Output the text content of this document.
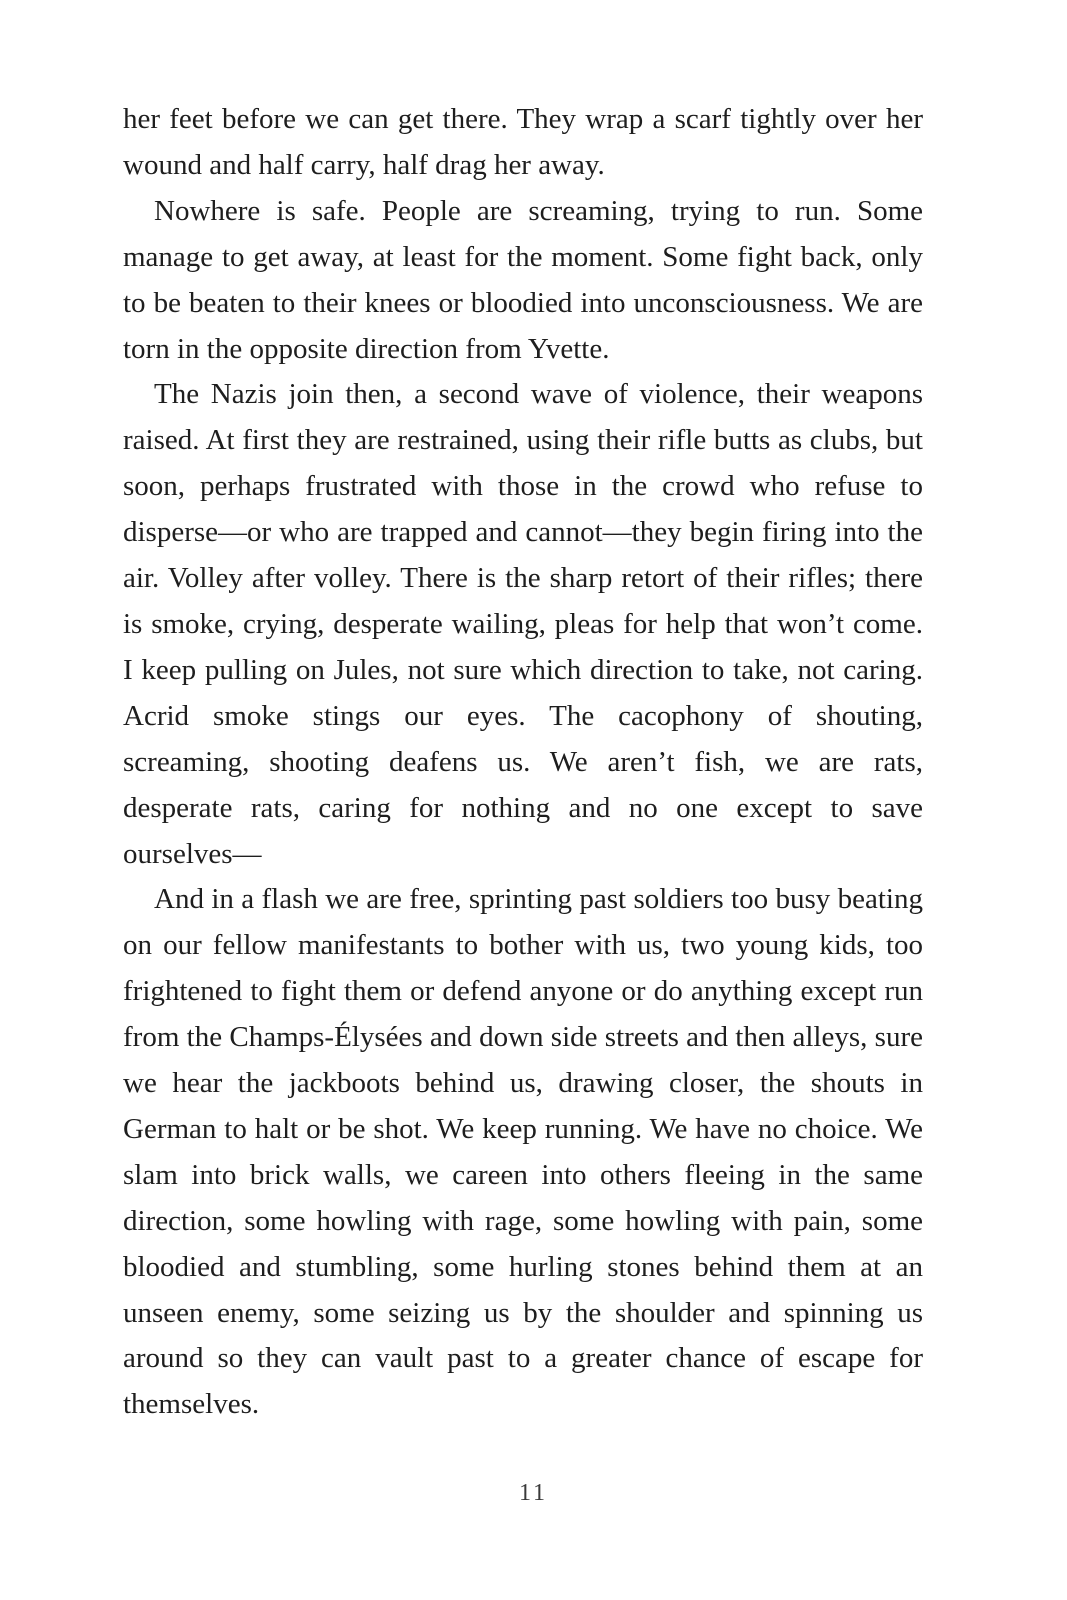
her feet before we can get there. They wrap a scarf tightly over her wound and half carry, half drag her away.

Nowhere is safe. People are screaming, trying to run. Some manage to get away, at least for the moment. Some fight back, only to be beaten to their knees or bloodied into unconsciousness. We are torn in the opposite direction from Yvette.

The Nazis join then, a second wave of violence, their weapons raised. At first they are restrained, using their rifle butts as clubs, but soon, perhaps frustrated with those in the crowd who refuse to disperse—or who are trapped and cannot—they begin firing into the air. Volley after volley. There is the sharp retort of their rifles; there is smoke, crying, desperate wailing, pleas for help that won’t come. I keep pulling on Jules, not sure which direction to take, not caring. Acrid smoke stings our eyes. The cacophony of shouting, screaming, shooting deafens us. We aren’t fish, we are rats, desperate rats, caring for nothing and no one except to save ourselves—

And in a flash we are free, sprinting past soldiers too busy beating on our fellow manifestants to bother with us, two young kids, too frightened to fight them or defend anyone or do anything except run from the Champs-Élysées and down side streets and then alleys, sure we hear the jackboots behind us, drawing closer, the shouts in German to halt or be shot. We keep running. We have no choice. We slam into brick walls, we careen into others fleeing in the same direction, some howling with rage, some howling with pain, some bloodied and stumbling, some hurling stones behind them at an unseen enemy, some seizing us by the shoulder and spinning us around so they can vault past to a greater chance of escape for themselves.

11
